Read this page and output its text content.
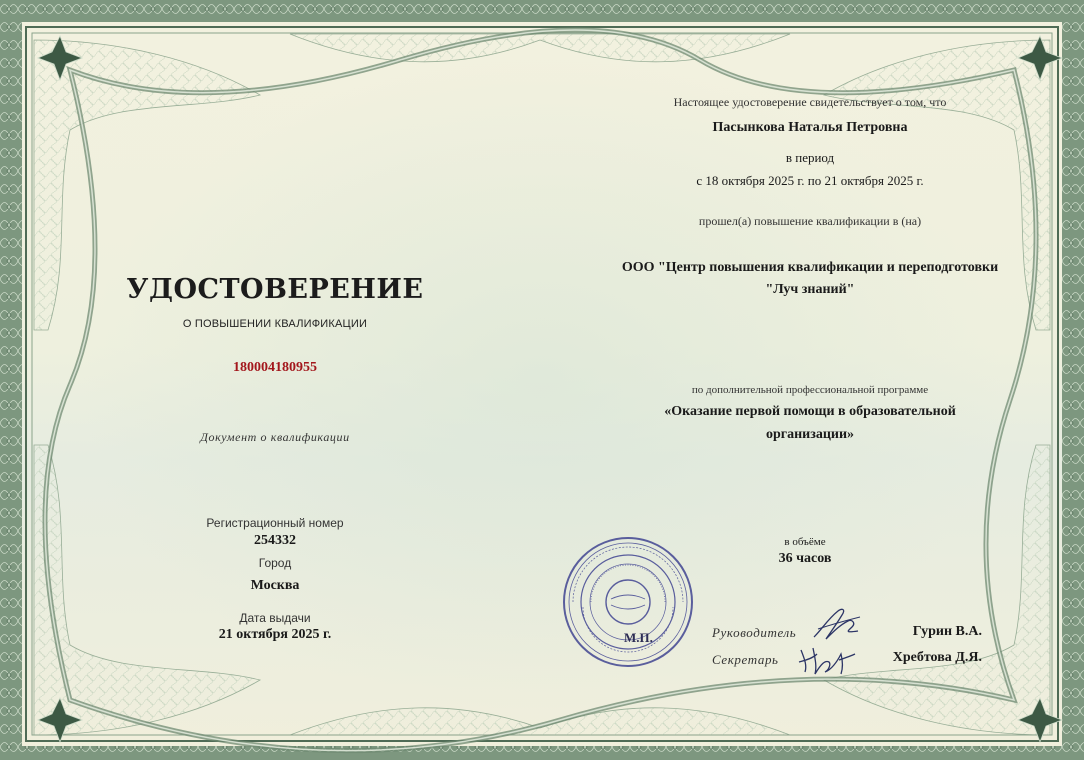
УДОСТОВЕРЕНИЕ
О ПОВЫШЕНИИ КВАЛИФИКАЦИИ
180004180955
Документ о квалификации
Регистрационный номер
254332
Город
Москва
Дата выдачи
21 октября 2025 г.
Настоящее удостоверение свидетельствует о том, что
Пасынкова Наталья Петровна
в период
с 18 октября 2025 г. по 21 октября 2025 г.
прошел(а) повышение квалификации в (на)
ООО "Центр повышения квалификации и переподготовки
"Луч знаний"
по дополнительной профессиональной программе
«Оказание первой помощи в образовательной
организации»
в объёме
36 часов
М.П.	Руководитель	Гурин В.А.
Секретарь	Хребтова Д.Я.
